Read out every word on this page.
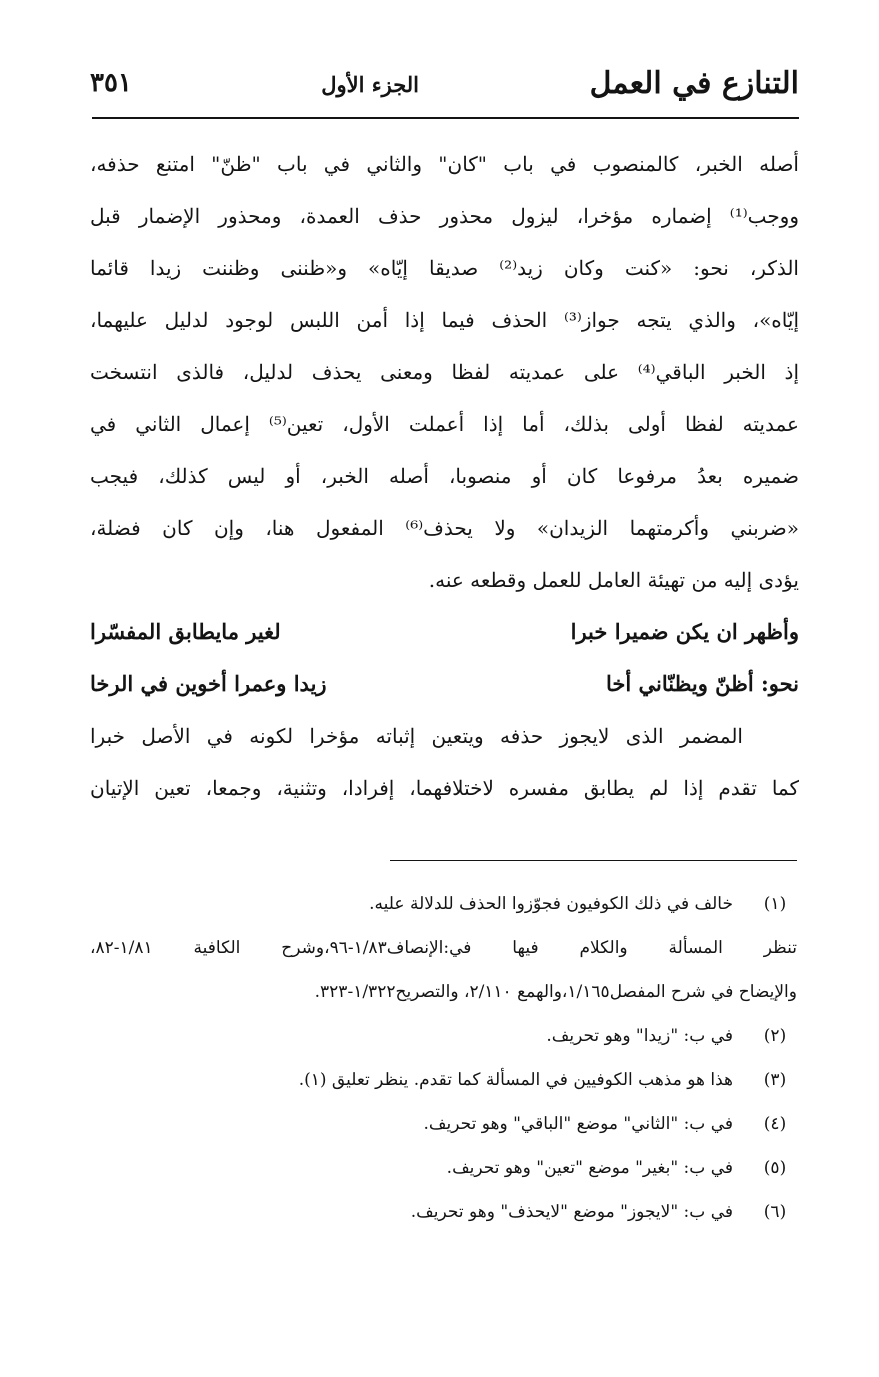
التنازع في العمل
الجزء الأول
٣٥١
أصله الخبر، كالمنصوب في باب "كان" والثاني في باب "ظنّ" امتنع حذفه،
ووجب⁽¹⁾ إضماره مؤخرا، ليزول محذور حذف العمدة، ومحذور الإضمار قبل
الذكر، نحو: «كنت وكان زيد⁽²⁾ صديقا إيّاه» و«ظننى وظننت زيدا قائما
إيّاه»، والذي يتجه جواز⁽³⁾ الحذف فيما إذا أمن اللبس لوجود لدليل عليهما،
إذ الخبر الباقي⁽⁴⁾ على عمديته لفظا ومعنى يحذف لدليل، فالذى انتسخت
عمديته لفظا أولى بذلك، أما إذا أعملت الأول، تعين⁽⁵⁾ إعمال الثاني في
ضميره بعدُ مرفوعا كان أو منصوبا، أصله الخبر، أو ليس كذلك، فيجب
«ضربني وأكرمتهما الزيدان» ولا يحذف⁽⁶⁾ المفعول هنا، وإن كان فضلة،
يؤدى إليه من تهيئة العامل للعمل وقطعه عنه.
وأظهر ان يكن ضميرا خبرا
لغير مايطابق المفسّرا
نحو: أظنّ ويظنّاني أخا
زيدا وعمرا أخوين في الرخا
المضمر الذى لايجوز حذفه ويتعين إثباته مؤخرا لكونه في الأصل خبرا
كما تقدم إذا لم يطابق مفسره لاختلافهما، إفرادا، وتثنية، وجمعا، تعين الإتيان
(١)
خالف في ذلك الكوفيون فجوّزوا الحذف للدلالة عليه.
تنظر المسألة والكلام فيها في:الإنصاف١/٨٣-٩٦،وشرح الكافية ١/٨١-٨٢،
والإيضاح في شرح المفصل١/١٦٥،والهمع ٢/١١٠، والتصريح١/٣٢٢-٣٢٣.
(٢)
في ب: "زيدا" وهو تحريف.
(٣)
هذا هو مذهب الكوفيين في المسألة كما تقدم. ينظر تعليق (١).
(٤)
في ب: "الثاني" موضع "الباقي" وهو تحريف.
(٥)
في ب: "بغير" موضع "تعين" وهو تحريف.
(٦)
في ب: "لايجوز" موضع "لايحذف" وهو تحريف.
